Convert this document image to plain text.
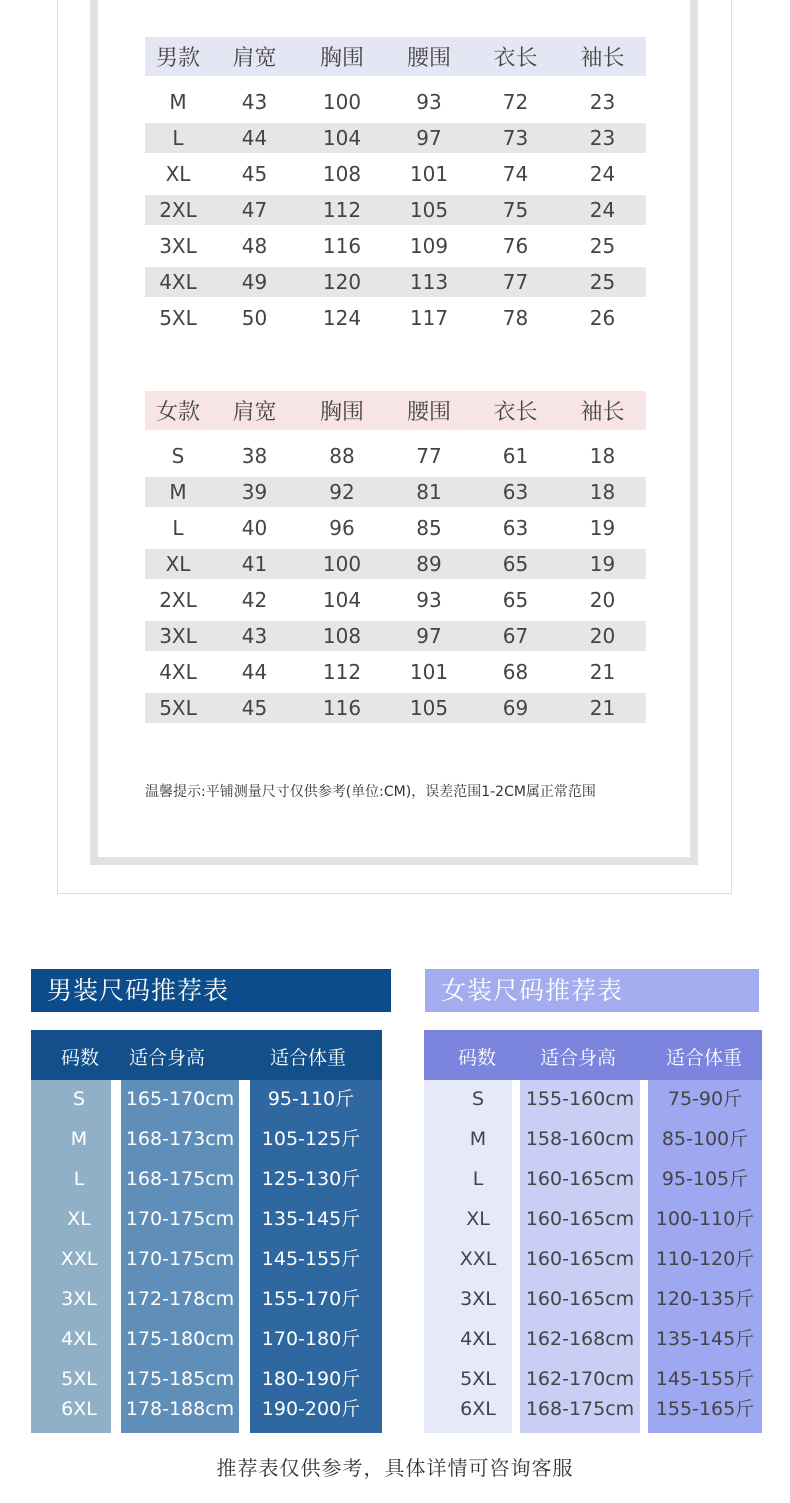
男款	肩宽	胸围	腰围	衣长	袖长
M	43	100	93	72	23
L	44	104	97	73	23
XL	45	108	101	74	24
2XL	47	112	105	75	24
3XL	48	116	109	76	25
4XL	49	120	113	77	25
5XL	50	124	117	78	26
女款	肩宽	胸围	腰围	衣长	袖长
S	38	88	77	61	18
M	39	92	81	63	18
L	40	96	85	63	19
XL	41	100	89	65	19
2XL	42	104	93	65	20
3XL	43	108	97	67	20
4XL	44	112	101	68	21
5XL	45	116	105	69	21
温馨提示:平铺测量尺寸仅供参考(单位:CM)，误差范围1-2CM属正常范围
男装尺码推荐表
码数 适合身高	适合体重
S	165-170cm	95-110斤
M	168-173cm	105-125斤
L	168-175cm	125-130斤
XL	170-175cm	135-145斤
XXL	170-175cm	145-155斤
3XL	172-178cm	155-170斤
4XL	175-180cm	170-180斤
5XL	175-185cm	180-190斤
6XL	178-188cm	190-200斤
女装尺码推荐表
码数 适合身高	适合体重
S	155-160cm	75-90斤
M	158-160cm	85-100斤
L	160-165cm	95-105斤
XL	160-165cm	100-110斤
XXL	160-165cm	110-120斤
3XL	160-165cm	120-135斤
4XL	162-168cm	135-145斤
5XL	162-170cm	145-155斤
6XL	168-175cm	155-165斤
推荐表仅供参考，具体详情可咨询客服
